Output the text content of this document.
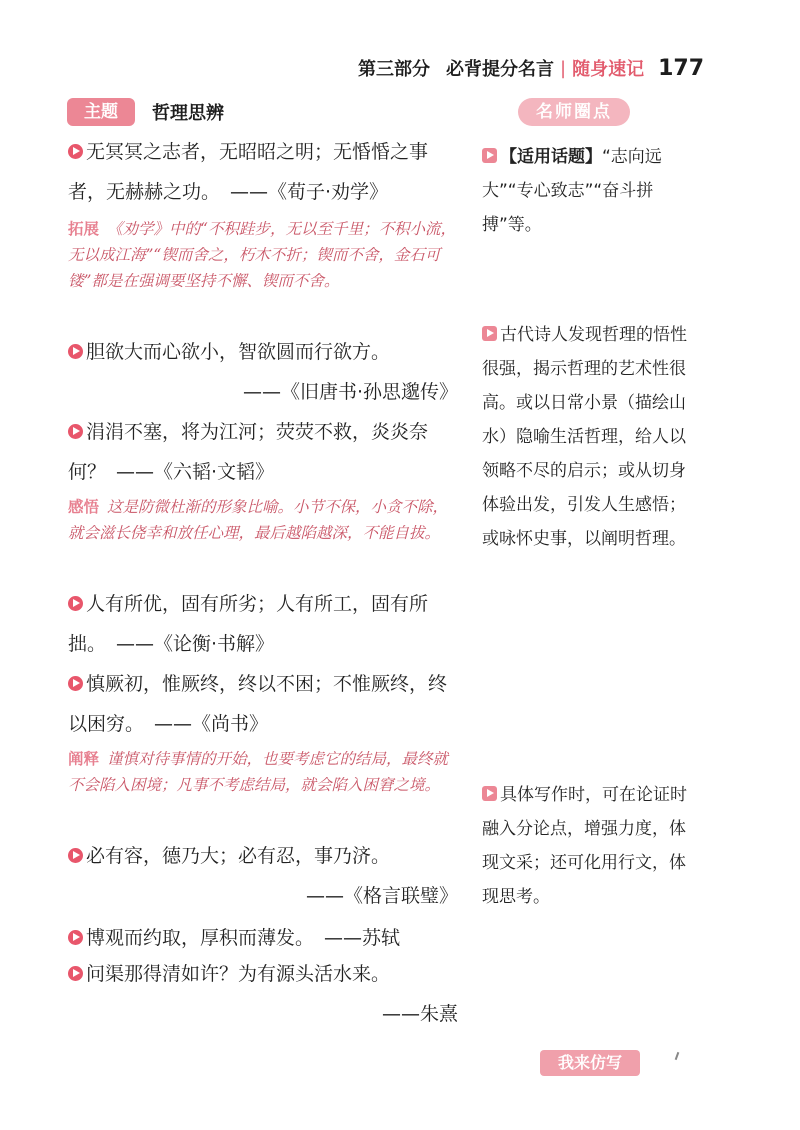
第三部分 必背提分名言 | 随身速记 177
主题	哲理思辨	名师圈点
无冥冥之志者，无昭昭之明；无惛惛之事者，无赫赫之功。 ——《荀子·劝学》
拓展 《劝学》中的“不积跬步，无以至千里；不积小流，无以成江海”“锲而舍之，朽木不折；锲而不舍，金石可镂”都是在强调要坚持不懈、锲而不舍。
胆欲大而心欲小，智欲圆而行欲方。
——《旧唐书·孙思邈传》
涓涓不塞，将为江河；荧荧不救，炎炎奈何？ ——《六韬·文韬》
感悟 这是防微杜渐的形象比喻。小节不保，小贪不除，就会滋长侥幸和放任心理，最后越陷越深，不能自拔。
人有所优，固有所劣；人有所工，固有所拙。 ——《论衡·书解》
慎厥初，惟厥终，终以不困；不惟厥终，终以困穷。 ——《尚书》
阐释 谨慎对待事情的开始，也要考虑它的结局，最终就不会陷入困境；凡事不考虑结局，就会陷入困窘之境。
必有容，德乃大；必有忍，事乃济。
——《格言联璧》
博观而约取，厚积而薄发。 ——苏轼
问渠那得清如许？为有源头活水来。
——朱熹
【适用话题】“志向远大”“专心致志”“奋斗拼搏”等。
古代诗人发现哲理的悟性很强，揭示哲理的艺术性很高。或以日常小景（描绘山水）隐喻生活哲理，给人以领略不尽的启示；或从切身体验出发，引发人生感悟；或咏怀史事，以阐明哲理。
具体写作时，可在论证时融入分论点，增强力度，体现文采；还可化用行文，体现思考。
我来仿写
